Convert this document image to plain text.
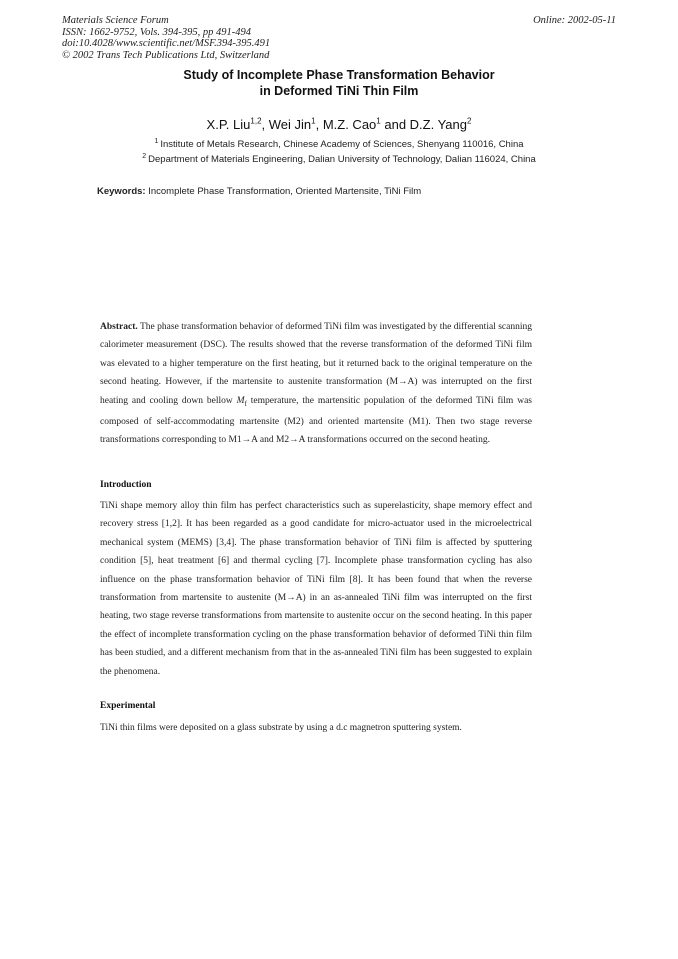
Materials Science Forum
ISSN: 1662-9752, Vols. 394-395, pp 491-494
doi:10.4028/www.scientific.net/MSF.394-395.491
© 2002 Trans Tech Publications Ltd, Switzerland
Online: 2002-05-11
Study of Incomplete Phase Transformation Behavior
in Deformed TiNi Thin Film
X.P. Liu$^{1,2}$, Wei Jin$^1$, M.Z. Cao$^1$ and D.Z. Yang$^2$
$^1$ Institute of Metals Research, Chinese Academy of Sciences, Shenyang 110016, China
$^2$ Department of Materials Engineering, Dalian University of Technology, Dalian 116024, China
Keywords: Incomplete Phase Transformation, Oriented Martensite, TiNi Film
Abstract. The phase transformation behavior of deformed TiNi film was investigated by the differential scanning calorimeter measurement (DSC). The results showed that the reverse transformation of the deformed TiNi film was elevated to a higher temperature on the first heating, but it returned back to the original temperature on the second heating. However, if the martensite to austenite transformation (M→A) was interrupted on the first heating and cooling down bellow $M_f$ temperature, the martensitic population of the deformed TiNi film was composed of self-accommodating martensite (M2) and oriented martensite (M1). Then two stage reverse transformations corresponding to M1→A and M2→A transformations occurred on the second heating.
Introduction
TiNi shape memory alloy thin film has perfect characteristics such as superelasticity, shape memory effect and recovery stress [1,2]. It has been regarded as a good candidate for micro-actuator used in the microelectrical mechanical system (MEMS) [3,4]. The phase transformation behavior of TiNi film is affected by sputtering condition [5], heat treatment [6] and thermal cycling [7]. Incomplete phase transformation cycling has also influence on the phase transformation behavior of TiNi film [8]. It has been found that when the reverse transformation from martensite to austenite (M→A) in an as-annealed TiNi film was interrupted on the first heating, two stage reverse transformations from martensite to austenite occur on the second heating. In this paper the effect of incomplete transformation cycling on the phase transformation behavior of deformed TiNi thin film has been studied, and a different mechanism from that in the as-annealed TiNi film has been suggested to explain the phenomena.
Experimental
TiNi thin films were deposited on a glass substrate by using a d.c magnetron sputtering system.
